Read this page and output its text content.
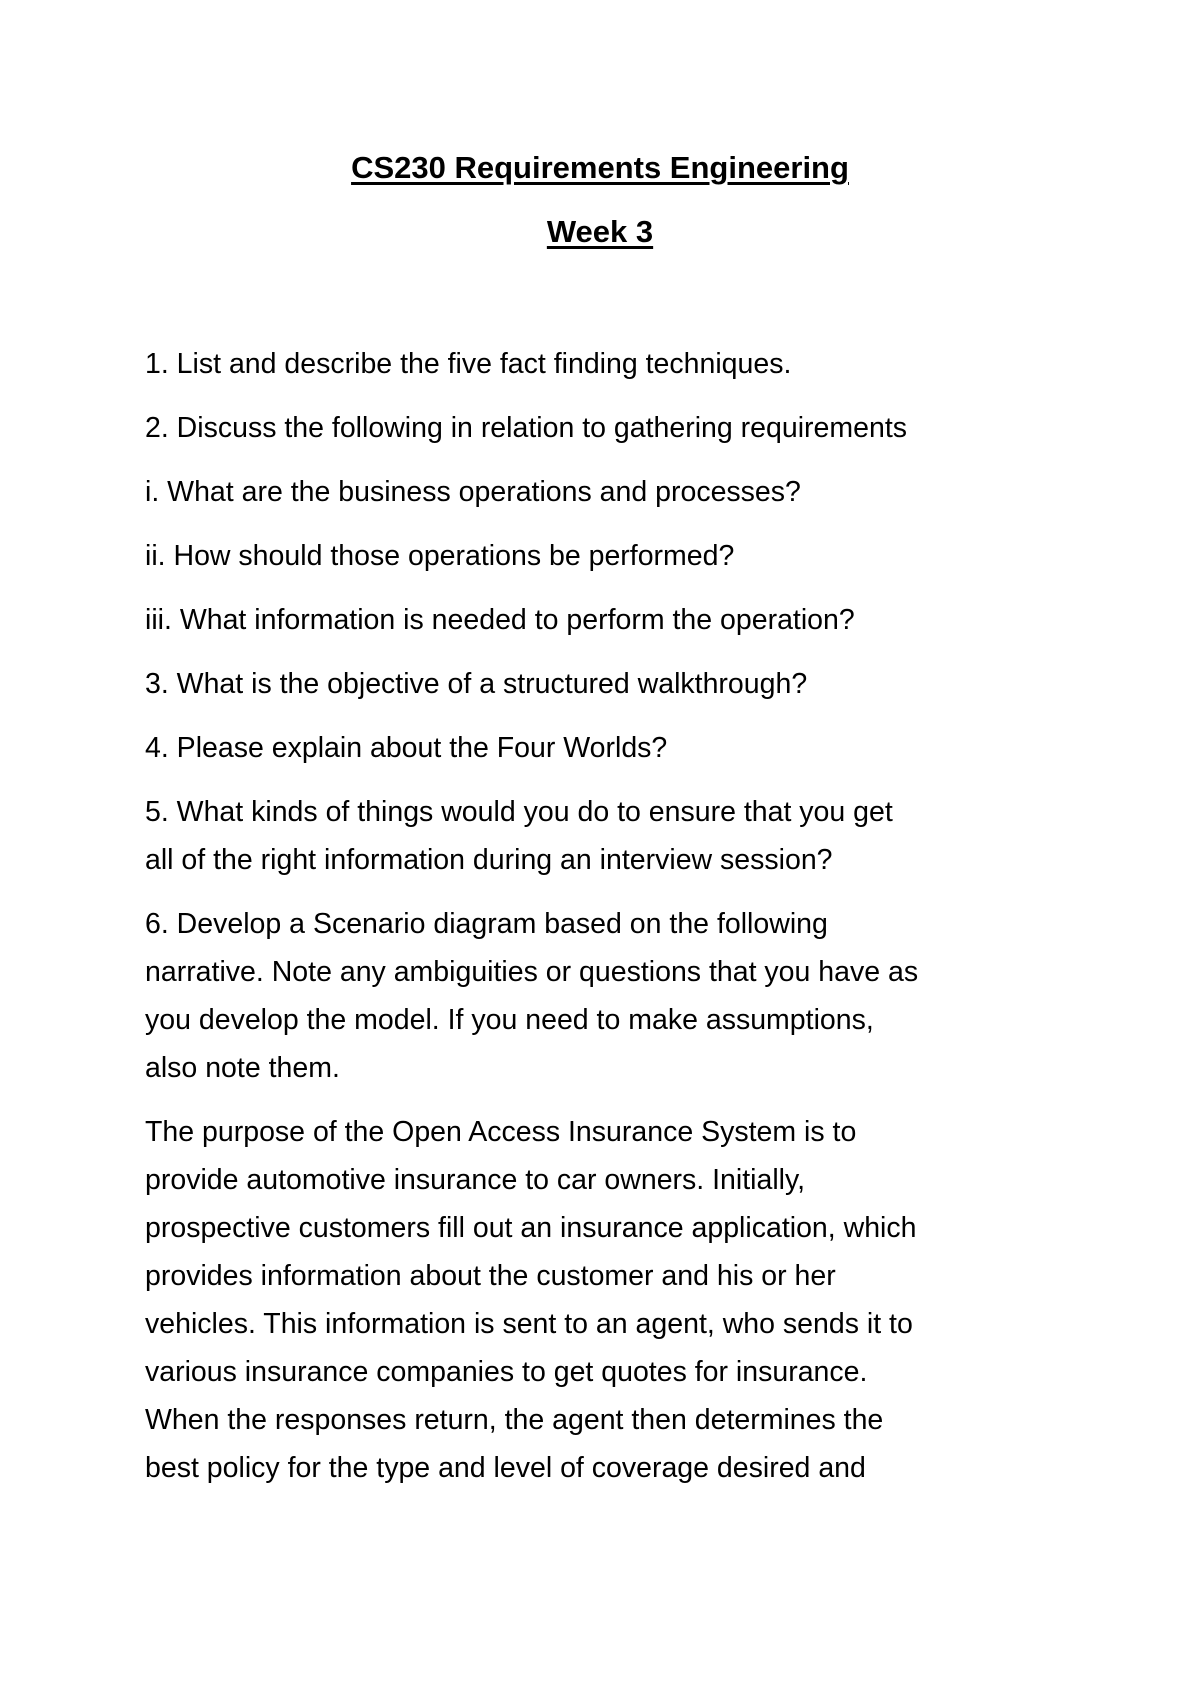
CS230 Requirements Engineering
Week 3

1. List and describe the five fact finding techniques.

2. Discuss the following in relation to gathering requirements

i. What are the business operations and processes?

ii. How should those operations be performed?

iii. What information is needed to perform the operation?

3. What is the objective of a structured walkthrough?

4. Please explain about the Four Worlds?

5. What kinds of things would you do to ensure that you get
all of the right information during an interview session?

6. Develop a Scenario diagram based on the following
narrative. Note any ambiguities or questions that you have as
you develop the model. If you need to make assumptions,
also note them.

The purpose of the Open Access Insurance System is to
provide automotive insurance to car owners. Initially,
prospective customers fill out an insurance application, which
provides information about the customer and his or her
vehicles. This information is sent to an agent, who sends it to
various insurance companies to get quotes for insurance.
When the responses return, the agent then determines the
best policy for the type and level of coverage desired and
